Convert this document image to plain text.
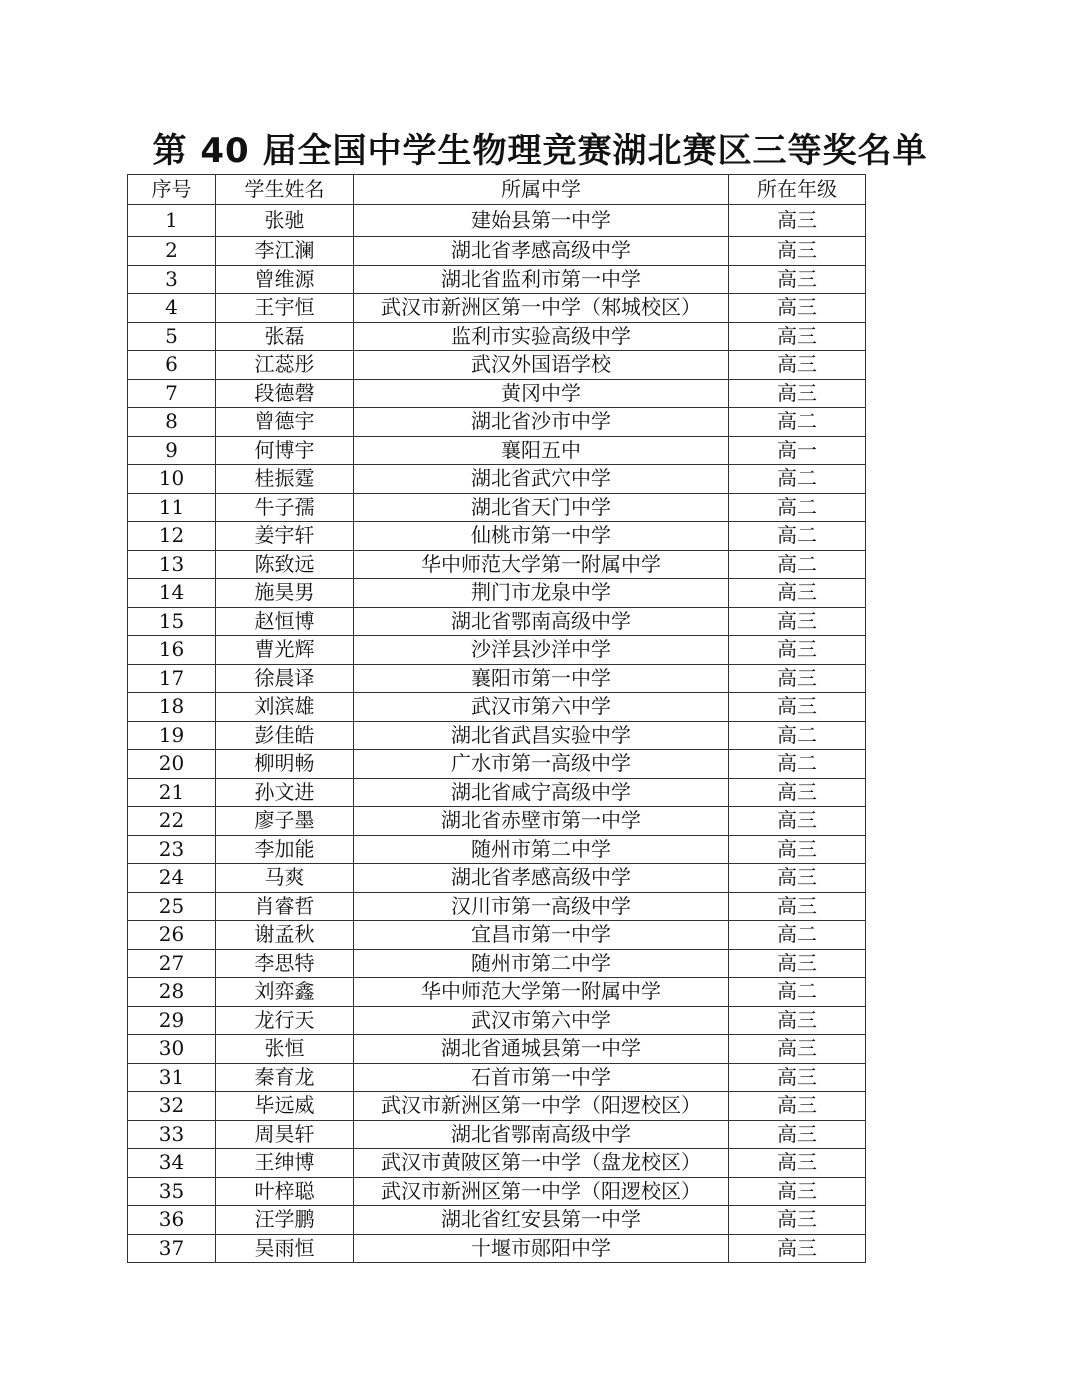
第 40 届全国中学生物理竞赛湖北赛区三等奖名单
序号	学生姓名	所属中学	所在年级
1	张驰	建始县第一中学	高三
2	李江澜	湖北省孝感高级中学	高三
3	曾维源	湖北省监利市第一中学	高三
4	王宇恒	武汉市新洲区第一中学（邾城校区）	高三
5	张磊	监利市实验高级中学	高三
6	江蕊彤	武汉外国语学校	高三
7	段德磬	黄冈中学	高三
8	曾德宇	湖北省沙市中学	高二
9	何博宇	襄阳五中	高一
10	桂振霆	湖北省武穴中学	高二
11	牛子孺	湖北省天门中学	高二
12	姜宇轩	仙桃市第一中学	高二
13	陈致远	华中师范大学第一附属中学	高二
14	施昊男	荆门市龙泉中学	高三
15	赵恒博	湖北省鄂南高级中学	高三
16	曹光辉	沙洋县沙洋中学	高三
17	徐晨译	襄阳市第一中学	高三
18	刘滨雄	武汉市第六中学	高三
19	彭佳皓	湖北省武昌实验中学	高二
20	柳明畅	广水市第一高级中学	高二
21	孙文进	湖北省咸宁高级中学	高三
22	廖子墨	湖北省赤壁市第一中学	高三
23	李加能	随州市第二中学	高三
24	马爽	湖北省孝感高级中学	高三
25	肖睿哲	汉川市第一高级中学	高三
26	谢孟秋	宜昌市第一中学	高二
27	李思特	随州市第二中学	高三
28	刘弈鑫	华中师范大学第一附属中学	高二
29	龙行天	武汉市第六中学	高三
30	张恒	湖北省通城县第一中学	高三
31	秦育龙	石首市第一中学	高三
32	毕远威	武汉市新洲区第一中学（阳逻校区）	高三
33	周昊轩	湖北省鄂南高级中学	高三
34	王绅博	武汉市黄陂区第一中学（盘龙校区）	高三
35	叶梓聪	武汉市新洲区第一中学（阳逻校区）	高三
36	汪学鹏	湖北省红安县第一中学	高三
37	吴雨恒	十堰市郧阳中学	高三
